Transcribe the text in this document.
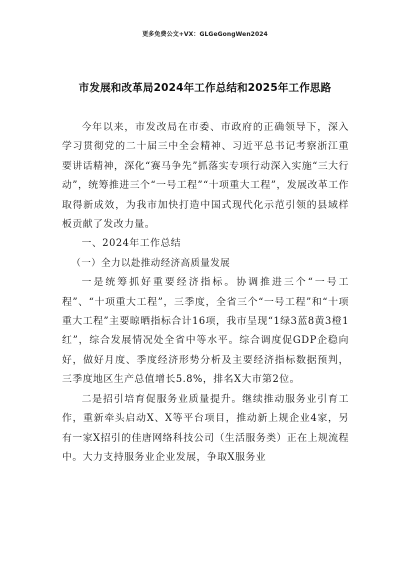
更多免费公文+VX：GLGeGongWen2024
市发展和改革局2024年工作总结和2025年工作思路

今年以来，市发改局在市委、市政府的正确领导下，深入学习贯彻党的二十届三中全会精神、习近平总书记考察浙江重要讲话精神，深化“赛马争先”抓落实专项行动深入实施“三大行动”，统筹推进三个“一号工程”“十项重大工程”，发展改革工作取得新成效，为我市加快打造中国式现代化示范引领的县域样板贡献了发改力量。

一、2024年工作总结

（一）全力以赴推动经济高质量发展

一是统筹抓好重要经济指标。协调推进三个“一号工程”、“十项重大工程”，三季度，全省三个“一号工程”和“十项重大工程”主要晾晒指标合计16项，我市呈现“1绿3蓝8黄3橙1红”，综合发展情况处全省中等水平。综合调度促GDP企稳向好，做好月度、季度经济形势分析及主要经济指标数据预判，三季度地区生产总值增长5.8%，排名X大市第2位。

二是招引培育促服务业质量提升。继续推动服务业引育工作，重新牵头启动X、X等平台项目，推动新上规企业4家，另有一家X招引的佳唐网络科技公司（生活服务类）正在上规流程中。大力支持服务业企业发展，争取X服务业
